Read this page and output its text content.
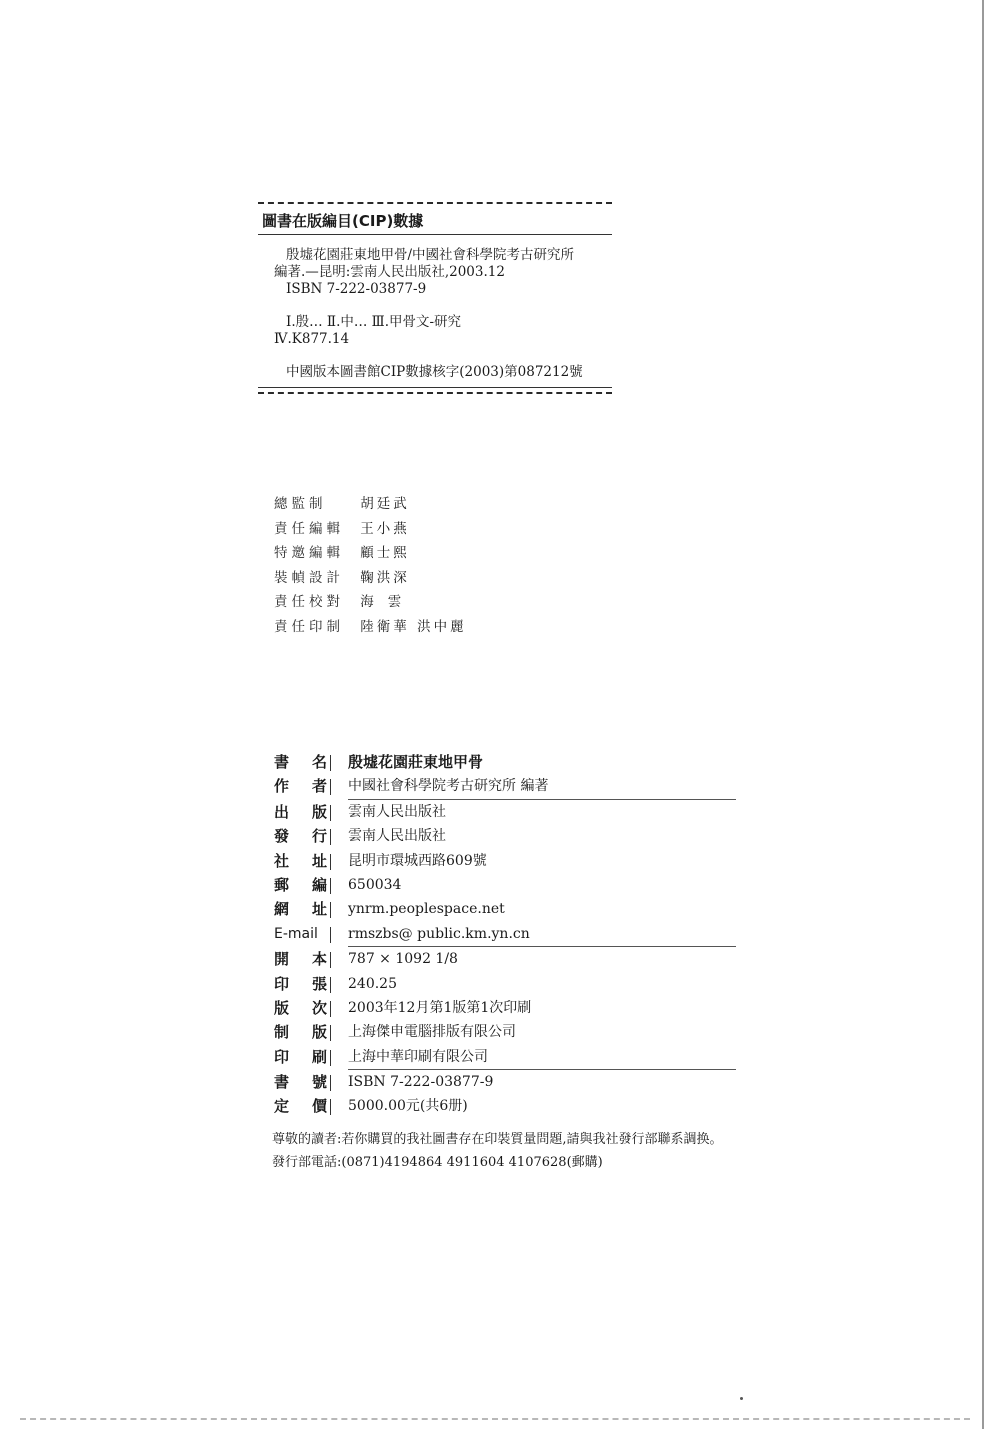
圖書在版編目(CIP)數據
殷墟花園莊東地甲骨/中國社會科學院考古研究所
編著.—昆明:雲南人民出版社,2003.12
ISBN 7-222-03877-9
Ⅰ.殷… Ⅱ.中… Ⅲ.甲骨文-研究
Ⅳ.K877.14
中國版本圖書館CIP數據核字(2003)第087212號
總監制	胡廷武
責任編輯 王小燕
特邀編輯 顧士熙
裝幀設計 鞠洪深
責任校對 海雲
責任印制 陸衛華 洪中麗
書名 殷墟花園莊東地甲骨
作者 中國社會科學院考古研究所 編著
出版 雲南人民出版社
發行 雲南人民出版社
社址 昆明市環城西路609號
郵編 650034
網址 ynrm.peoplespace.net
E-mail	rmszbs@ public.km.yn.cn
開本 787 × 1092 1/8
印張 240.25
版次 2003年12月第1版第1次印刷
制版 上海傑申電腦排版有限公司
印刷 上海中華印刷有限公司
書號 ISBN 7-222-03877-9
定價 5000.00元(共6册)
尊敬的讀者:若你購買的我社圖書存在印裝質量問題,請與我社發行部聯系調换。
發行部電話:(0871)4194864 4911604 4107628(郵購)
